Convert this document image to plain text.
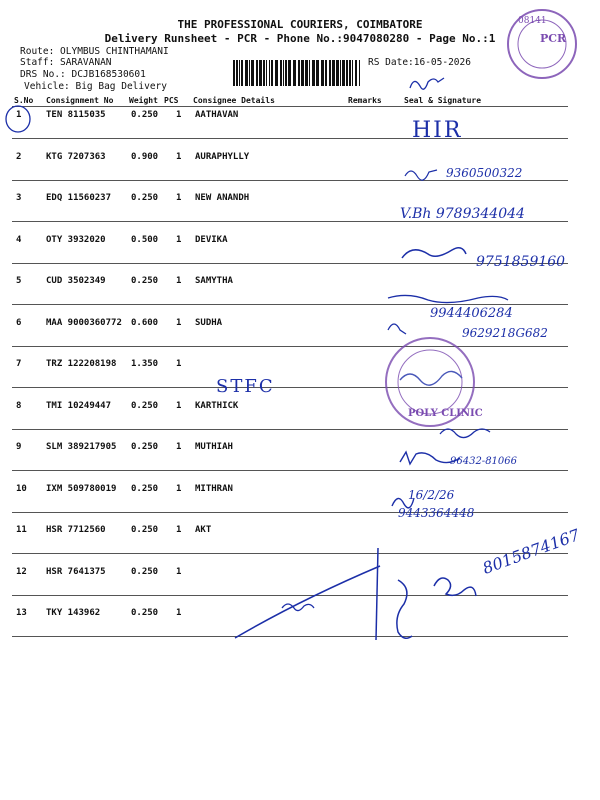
THE PROFESSIONAL COURIERS, COIMBATORE
Delivery Runsheet - PCR - Phone No.:9047080280 - Page No.:1
Route: OLYMBUS CHINTHAMANI
Staff: SARAVANAN	RS Date:16-05-2026
DRS No.: DCJB168530601
Vehicle: Big Bag Delivery
S.No Consignment No Weight PCS Consignee Details	Remarks	Seal & Signature
1	TEN 8115035	0.250 1 AATHAVAN
2	KTG 7207363	0.900 1 AURAPHYLLY
3	EDQ 11560237 0.250 1 NEW ANANDH
4	OTY 3932020	0.500 1 DEVIKA
5	CUD 3502349	0.250 1 SAMYTHA
6	MAA 9000360772 0.600 1 SUDHA
7	TRZ 122208198 1.350 1
8	TMI 10249447 0.250 1 KARTHICK
9	SLM 389217905 0.250 1 MUTHIAH
10 IXM 509780019 0.250 1 MITHRAN
11 HSR 7712560	0.250 1 AKT
12 HSR 7641375	0.250 1
13 TKY 143962	0.250 1
PCR
08141
HIR
9360500322
V.Bh 9789344044
9751859160
9944406284
9629218G682
STFC
POLY CLINIC
96432-81066
16/2/26
9443364448
8015874167
